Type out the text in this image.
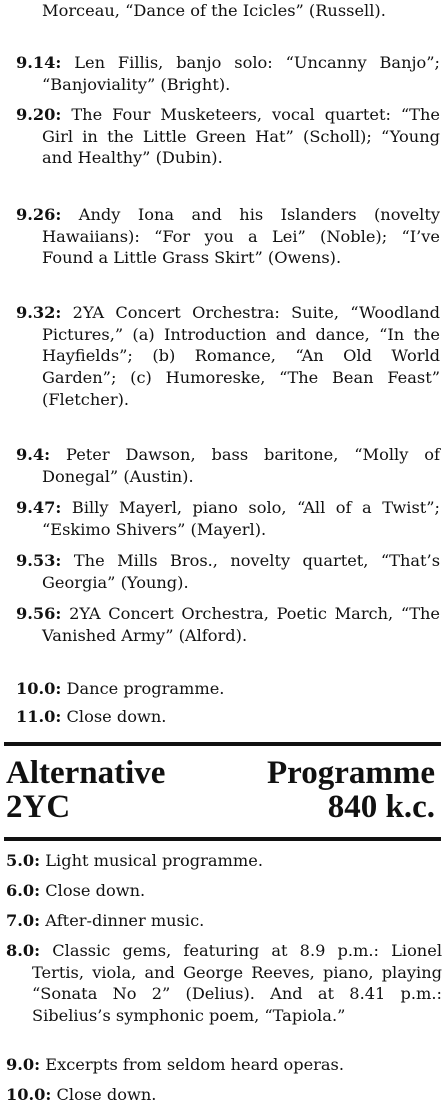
Morceau, “Dance of the Icicles” (Russell).
9.14: Len Fillis, banjo solo: “Uncanny Banjo”; “Banjoviality” (Bright).
9.20: The Four Musketeers, vocal quartet: “The Girl in the Little Green Hat” (Scholl); “Young and Healthy” (Dubin).
9.26: Andy Iona and his Islanders (novelty Hawaiians): “For you a Lei” (Noble); “I’ve Found a Little Grass Skirt” (Owens).
9.32: 2YA Concert Orchestra: Suite, “Woodland Pictures,” (a) Introduction and dance, “In the Hayfields”; (b) Romance, “An Old World Garden”; (c) Humoreske, “The Bean Feast” (Fletcher).
9.4: Peter Dawson, bass baritone, “Molly of Donegal” (Austin).
9.47: Billy Mayerl, piano solo, “All of a Twist”; “Eskimo Shivers” (Mayerl).
9.53: The Mills Bros., novelty quartet, “That’s Georgia” (Young).
9.56: 2YA Concert Orchestra, Poetic March, “The Vanished Army” (Alford).
10.0: Dance programme.
11.0: Close down.
Alternative
2YC
Programme
840 k.c.
5.0: Light musical programme.
6.0: Close down.
7.0: After-dinner music.
8.0: Classic gems, featuring at 8.9 p.m.: Lionel Tertis, viola, and George Reeves, piano, playing “Sonata No 2” (Delius). And at 8.41 p.m.: Sibelius’s symphonic poem, “Tapiola.”
9.0: Excerpts from seldom heard operas.
10.0: Close down.
